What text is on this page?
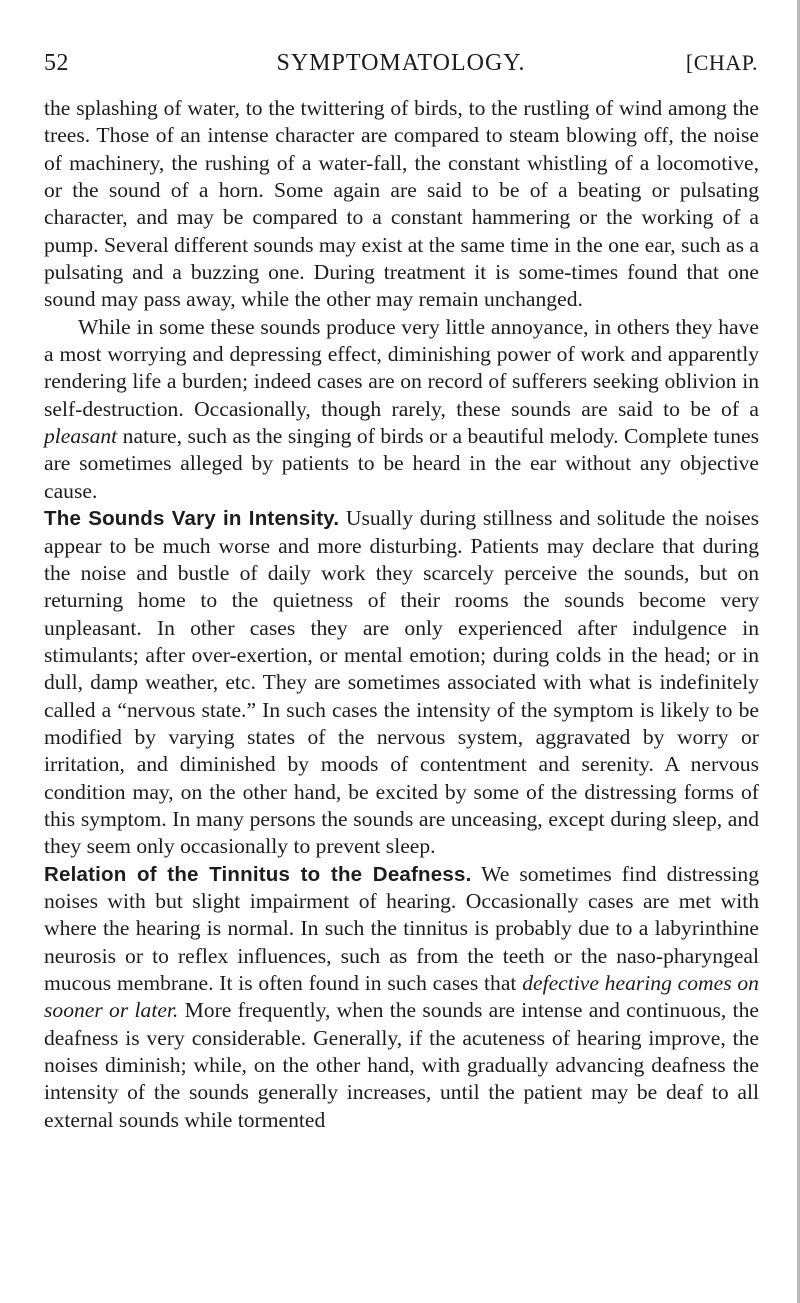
52	SYMPTOMATOLOGY.	[CHAP.

the splashing of water, to the twittering of birds, to the rustling of wind among the trees. Those of an intense character are compared to steam blowing off, the noise of machinery, the rushing of a water-fall, the constant whistling of a locomotive, or the sound of a horn. Some again are said to be of a beating or pulsating character, and may be compared to a constant hammering or the working of a pump. Several different sounds may exist at the same time in the one ear, such as a pulsating and a buzzing one. During treatment it is some-times found that one sound may pass away, while the other may remain unchanged.

While in some these sounds produce very little annoyance, in others they have a most worrying and depressing effect, diminishing power of work and apparently rendering life a burden; indeed cases are on record of sufferers seeking oblivion in self-destruction. Occasionally, though rarely, these sounds are said to be of a pleasant nature, such as the singing of birds or a beautiful melody. Complete tunes are sometimes alleged by patients to be heard in the ear without any objective cause.

The Sounds Vary in Intensity. Usually during stillness and solitude the noises appear to be much worse and more disturbing. Patients may declare that during the noise and bustle of daily work they scarcely perceive the sounds, but on returning home to the quietness of their rooms the sounds become very unpleasant. In other cases they are only experienced after indulgence in stimulants; after over-exertion, or mental emotion; during colds in the head; or in dull, damp weather, etc. They are sometimes associated with what is indefinitely called a “nervous state.” In such cases the intensity of the symptom is likely to be modified by varying states of the nervous system, aggravated by worry or irritation, and diminished by moods of contentment and serenity. A nervous condition may, on the other hand, be excited by some of the distressing forms of this symptom. In many persons the sounds are unceasing, except during sleep, and they seem only occasionally to prevent sleep.

Relation of the Tinnitus to the Deafness. We sometimes find distressing noises with but slight impairment of hearing. Occasionally cases are met with where the hearing is normal. In such the tinnitus is probably due to a labyrinthine neurosis or to reflex influences, such as from the teeth or the naso-pharyngeal mucous membrane. It is often found in such cases that defective hearing comes on sooner or later. More frequently, when the sounds are intense and continuous, the deafness is very considerable. Generally, if the acuteness of hearing improve, the noises diminish; while, on the other hand, with gradually advancing deafness the intensity of the sounds generally increases, until the patient may be deaf to all external sounds while tormented
